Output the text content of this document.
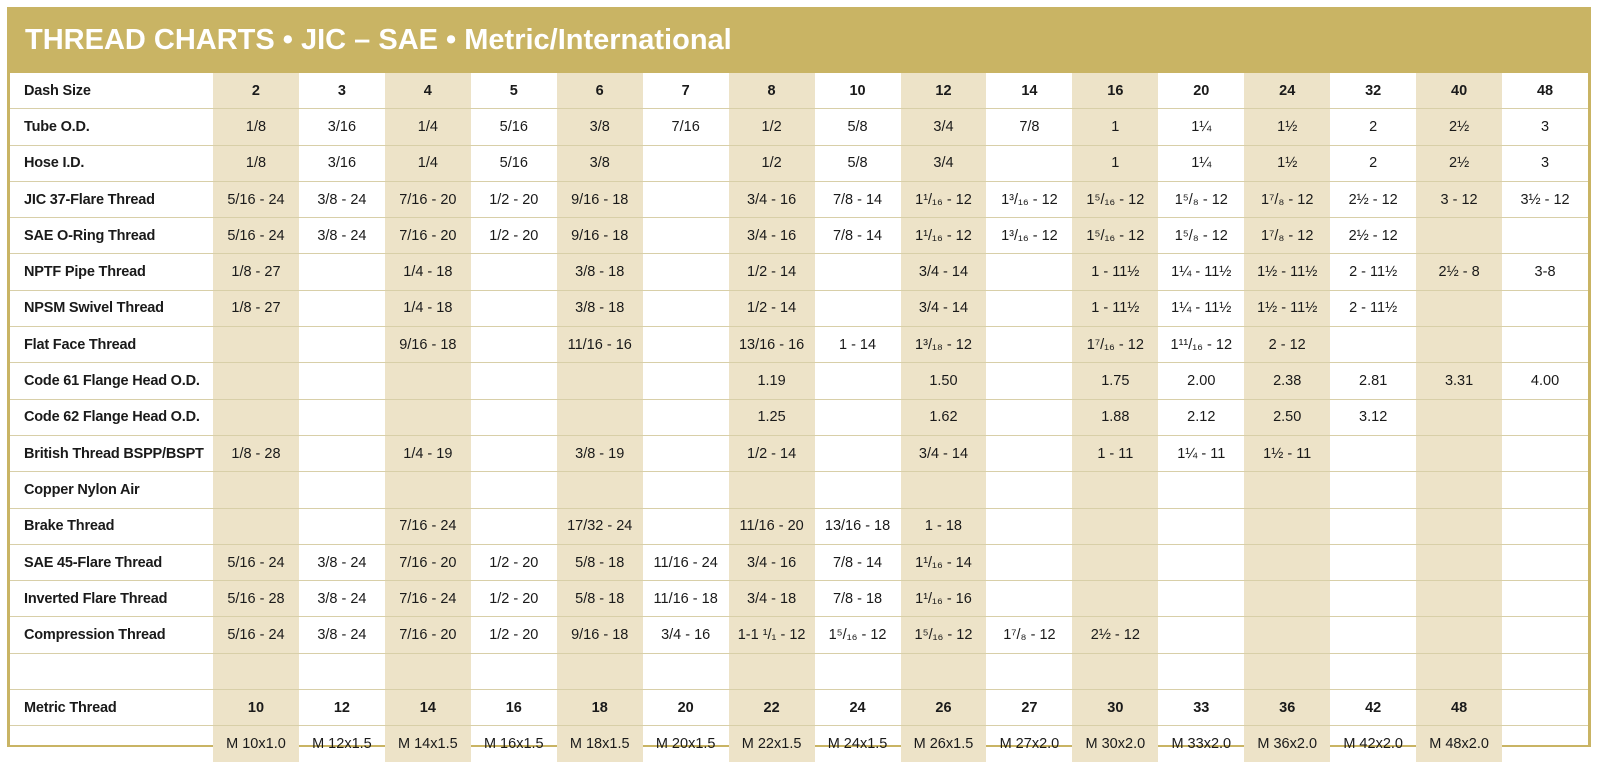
THREAD CHARTS • JIC – SAE • Metric/International
Dash Size	2	3	4	5	6	7	8	10	12	14	16	20	24	32	40	48
Tube O.D.	1/8	3/16	1/4	5/16	3/8	7/16	1/2	5/8	3/4	7/8	1	1¼	1½	2	2½	3
Hose I.D.	1/8	3/16	1/4	5/16	3/8		1/2	5/8	3/4		1	1¼	1½	2	2½	3
JIC 37-Flare Thread	5/16 - 24	3/8 - 24	7/16 - 20	1/2 - 20	9/16 - 18		3/4 - 16	7/8 - 14	1¹/₁₆ - 12	1³/₁₆ - 12	1⁵/₁₆ - 12	1⁵/₈ - 12	1⁷/₈ - 12	2½ - 12	3 - 12	3½ - 12
SAE O-Ring Thread	5/16 - 24	3/8 - 24	7/16 - 20	1/2 - 20	9/16 - 18		3/4 - 16	7/8 - 14	1¹/₁₆ - 12	1³/₁₆ - 12	1⁵/₁₆ - 12	1⁵/₈ - 12	1⁷/₈ - 12	2½ - 12		
NPTF Pipe Thread	1/8 - 27		1/4 - 18		3/8 - 18		1/2 - 14		3/4 - 14		1 - 11½	1¼ - 11½	1½ - 11½	2 - 11½	2½ - 8	3-8
NPSM Swivel Thread	1/8 - 27		1/4 - 18		3/8 - 18		1/2 - 14		3/4 - 14		1 - 11½	1¼ - 11½	1½ - 11½	2 - 11½		
Flat Face Thread			9/16 - 18		11/16 - 16		13/16 - 16	1 - 14	1³/₁₈ - 12		1⁷/₁₆ - 12	1¹¹/₁₆ - 12	2 - 12			
Code 61 Flange Head O.D.							1.19		1.50		1.75	2.00	2.38	2.81	3.31	4.00
Code 62 Flange Head O.D.							1.25		1.62		1.88	2.12	2.50	3.12		
British Thread BSPP/BSPT	1/8 - 28		1/4 - 19		3/8 - 19		1/2 - 14		3/4 - 14		1 - 11	1¼ - 11	1½ - 11			
Copper Nylon Air																
Brake Thread			7/16 - 24		17/32 - 24		11/16 - 20	13/16 - 18	1 - 18							
SAE 45-Flare Thread	5/16 - 24	3/8 - 24	7/16 - 20	1/2 - 20	5/8 - 18	11/16 - 24	3/4 - 16	7/8 - 14	1¹/₁₆ - 14							
Inverted Flare Thread	5/16 - 28	3/8 - 24	7/16 - 24	1/2 - 20	5/8 - 18	11/16 - 18	3/4 - 18	7/8 - 18	1¹/₁₆ - 16							
Compression Thread	5/16 - 24	3/8 - 24	7/16 - 20	1/2 - 20	9/16 - 18	3/4 - 16	1-1 ¹/₁ - 12	1⁵/₁₆ - 12	1⁵/₁₆ - 12	1⁷/₈ - 12	2½ - 12					

Metric Thread	10	12	14	16	18	20	22	24	26	27	30	33	36	42	48	
	M 10x1.0	M 12x1.5	M 14x1.5	M 16x1.5	M 18x1.5	M 20x1.5	M 22x1.5	M 24x1.5	M 26x1.5	M 27x2.0	M 30x2.0	M 33x2.0	M 36x2.0	M 42x2.0	M 48x2.0	
